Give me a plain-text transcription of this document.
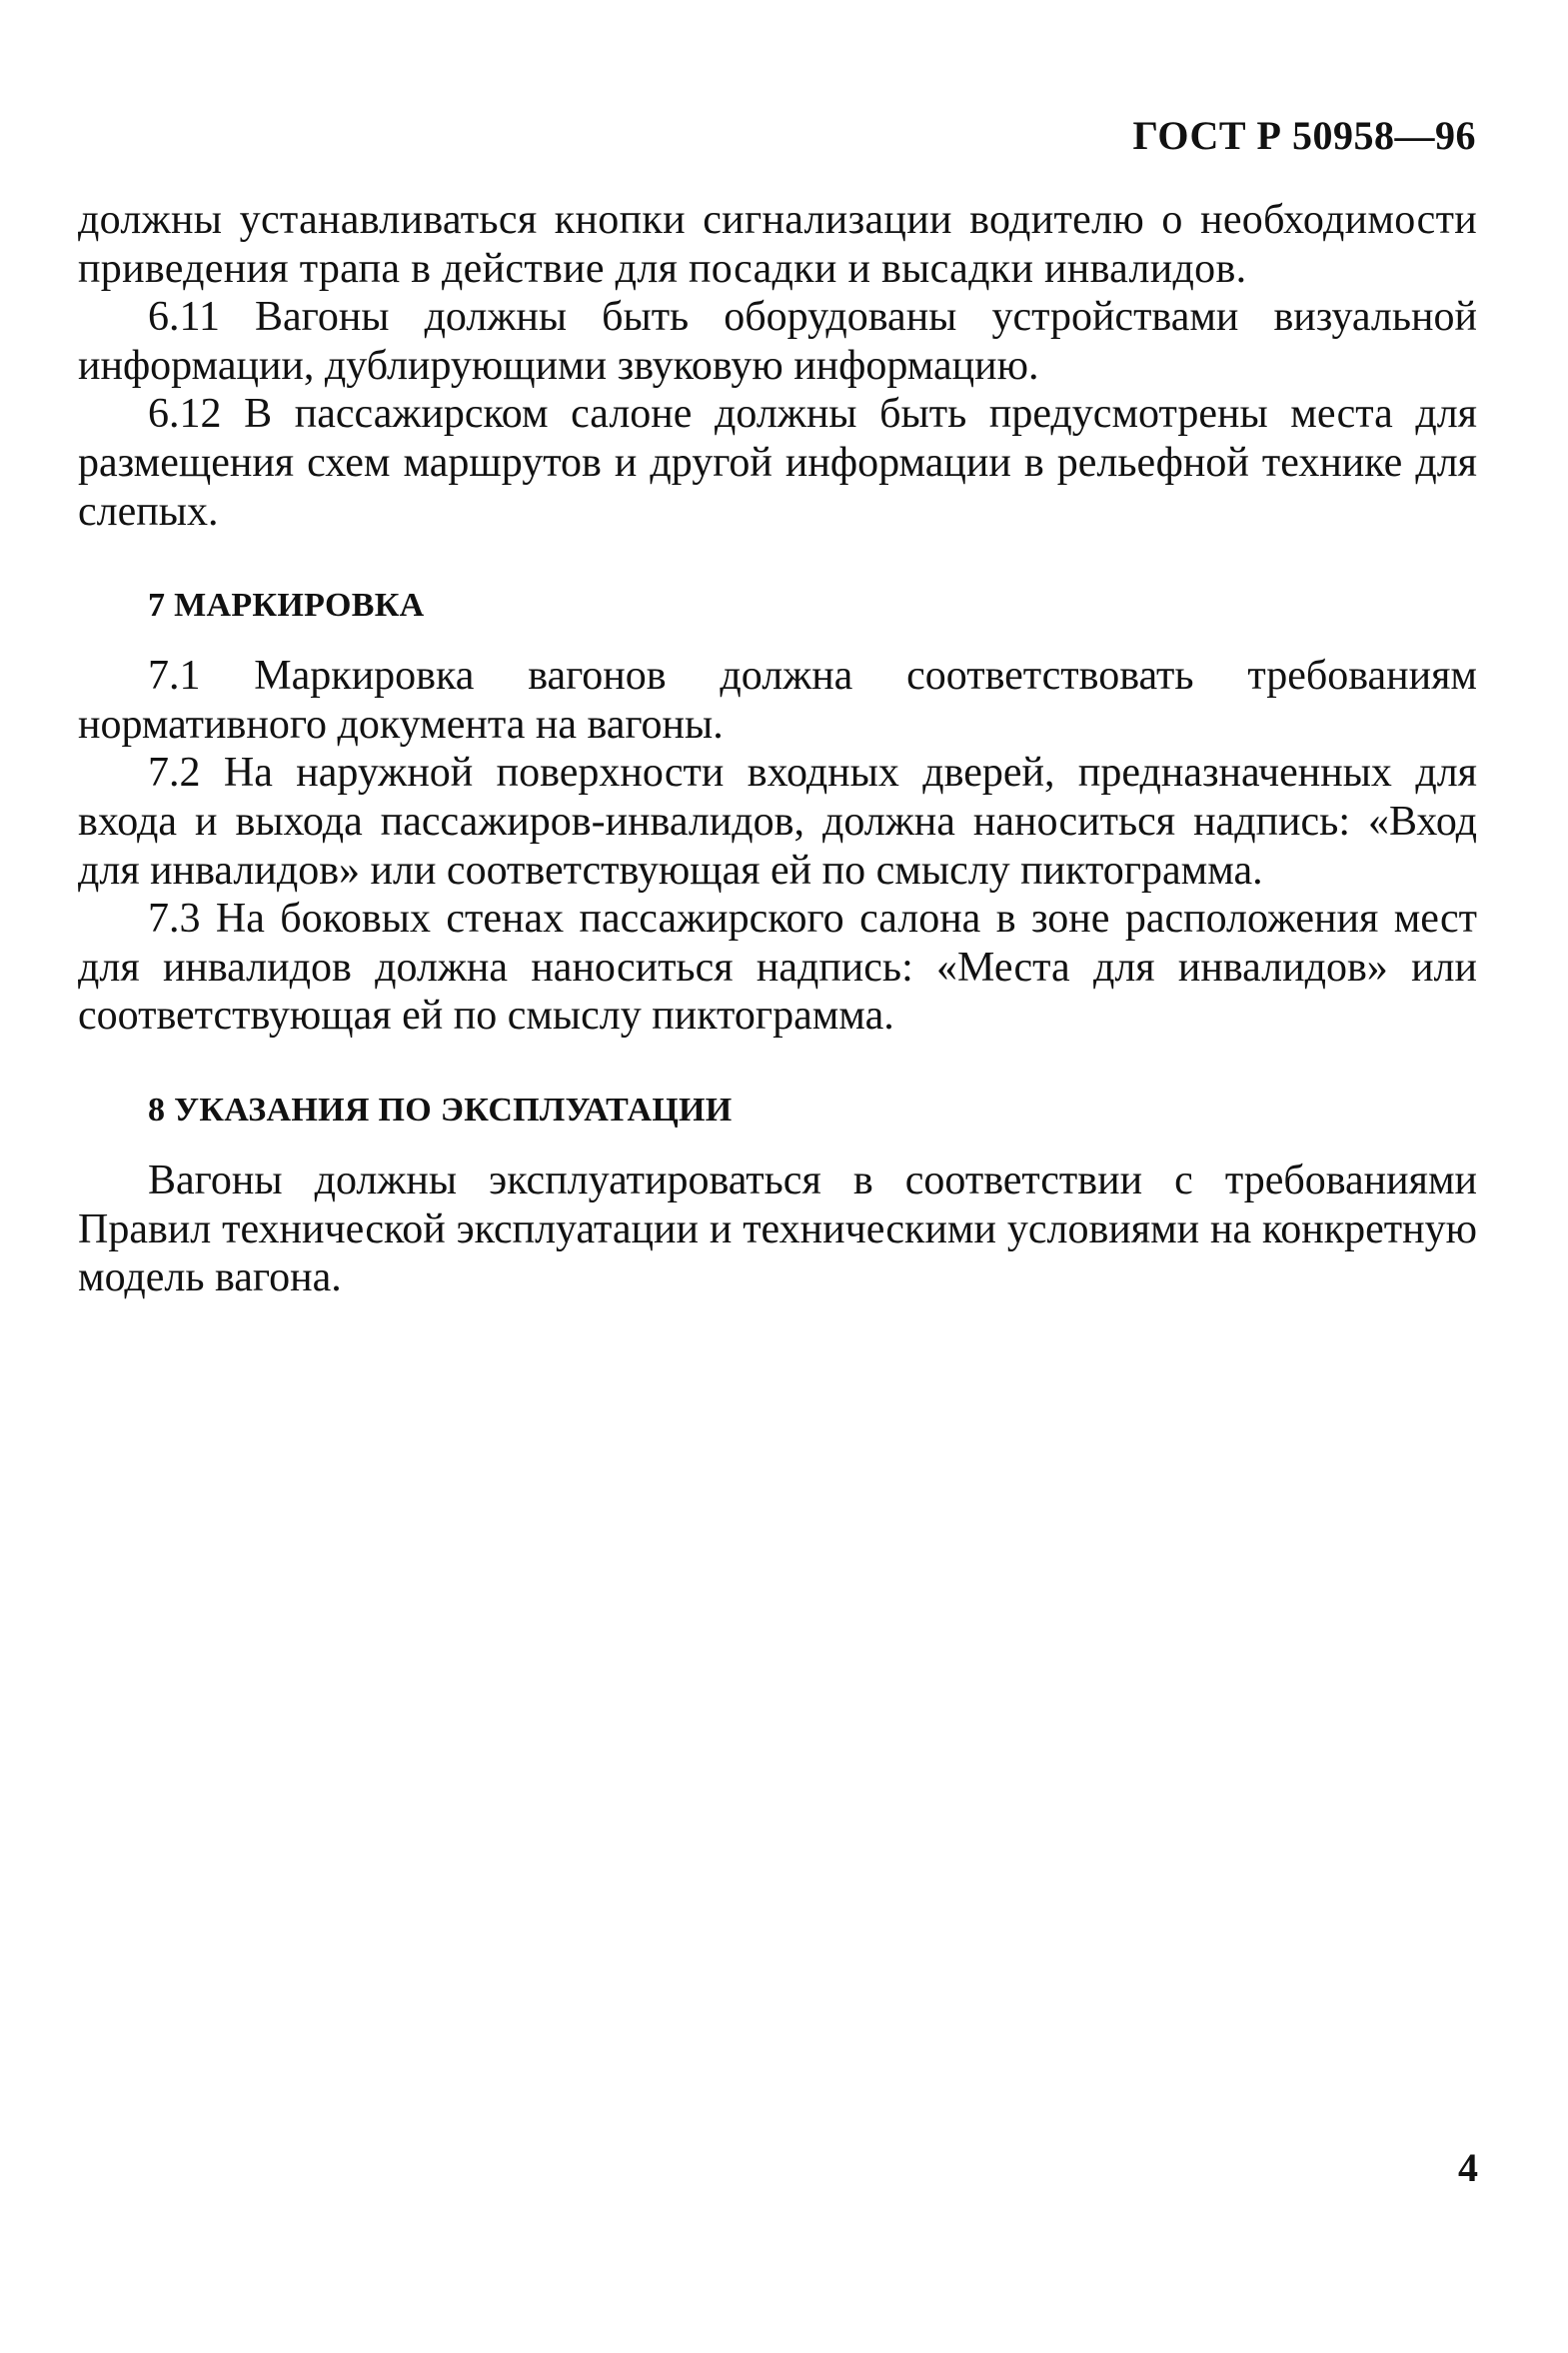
ГОСТ Р 50958—96

должны устанавливаться кнопки сигнализации водителю о необходимости приведения трапа в действие для посадки и высадки инвалидов.

6.11 Вагоны должны быть оборудованы устройствами визуальной информации, дублирующими звуковую информацию.

6.12 В пассажирском салоне должны быть предусмотрены места для размещения схем маршрутов и другой информации в рельефной технике для слепых.

7 МАРКИРОВКА

7.1 Маркировка вагонов должна соответствовать требованиям нормативного документа на вагоны.

7.2 На наружной поверхности входных дверей, предназначенных для входа и выхода пассажиров-инвалидов, должна наноситься надпись: «Вход для инвалидов» или соответствующая ей по смыслу пиктограмма.

7.3 На боковых стенах пассажирского салона в зоне расположения мест для инвалидов должна наноситься надпись: «Места для инвалидов» или соответствующая ей по смыслу пиктограмма.

8 УКАЗАНИЯ ПО ЭКСПЛУАТАЦИИ

Вагоны должны эксплуатироваться в соответствии с требованиями Правил технической эксплуатации и техническими условиями на конкретную модель вагона.

4
